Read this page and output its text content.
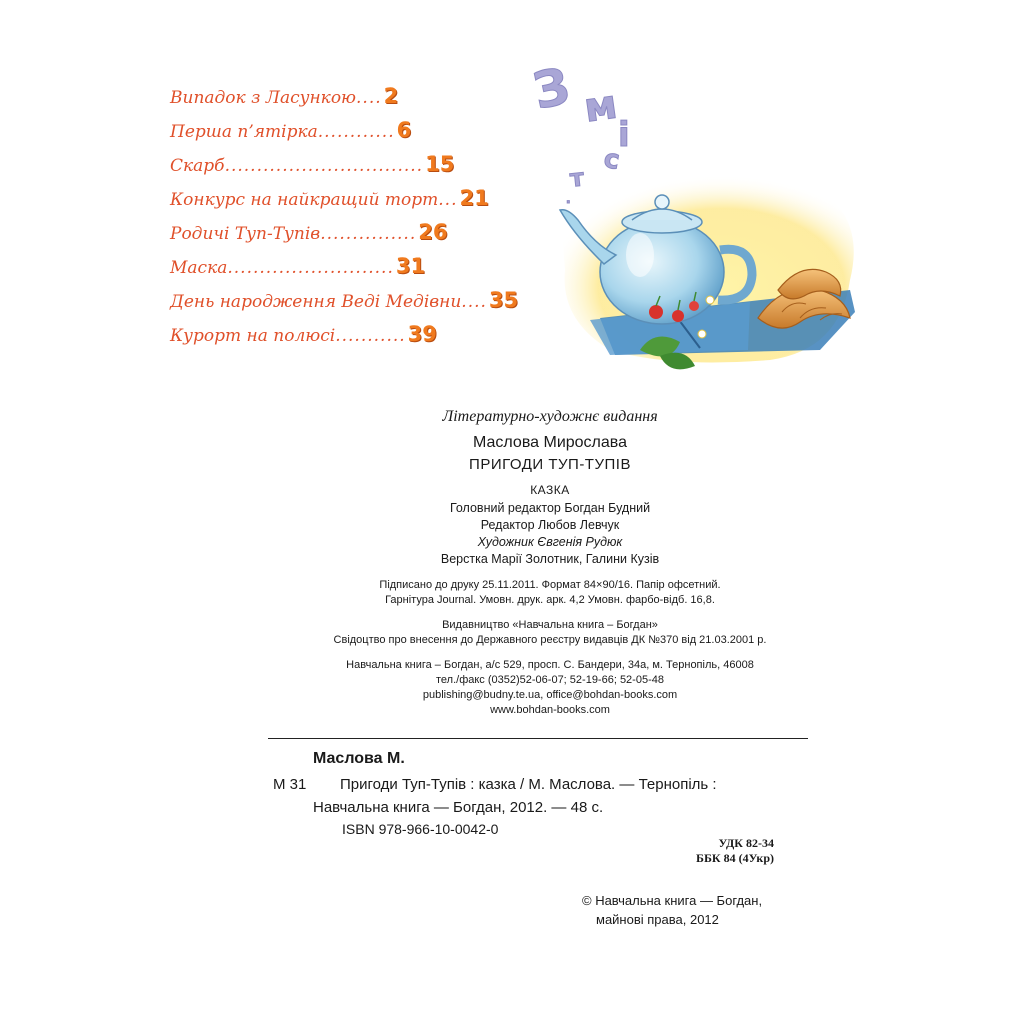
Випадок з Ласункою .... 2
Перша п’ятірка ............ 6
Скарб ............................... 15
Конкурс на найкращий торт ... 21
Родичі Туп-Тупів ............... 26
Маска .......................... 31
День народження Веді Медівни .... 35
Курорт на полюсі ........... 39
З м
і
с
т
·
Літературно-художнє видання
Маслова Мирослава
ПРИГОДИ ТУП-ТУПІВ
КАЗКА
Головний редактор Богдан Будний
Редактор Любов Левчук
Художник Євгенія Рудюк
Верстка Марії Золотник, Галини Кузів
Підписано до друку 25.11.2011. Формат 84×90/16. Папір офсетний.
Гарнітура Journal. Умовн. друк. арк. 4,2 Умовн. фарбо-відб. 16,8.
Видавництво «Навчальна книга – Богдан»
Свідоцтво про внесення до Державного реєстру видавців ДК №370 від 21.03.2001 р.
Навчальна книга – Богдан, а/с 529, просп. С. Бандери, 34а, м. Тернопіль, 46008
тел./факс (0352)52-06-07; 52-19-66; 52-05-48
publishing@budny.te.ua, office@bohdan-books.com
www.bohdan-books.com
Маслова М.
М 31 Пригоди Туп-Тупів : казка / М. Маслова. — Тернопіль :
Навчальна книга — Богдан, 2012. — 48 с.
ISBN 978-966-10-0042-0
УДК 82-34
ББК 84 (4Укр)
© Навчальна книга — Богдан,
майнові права, 2012
